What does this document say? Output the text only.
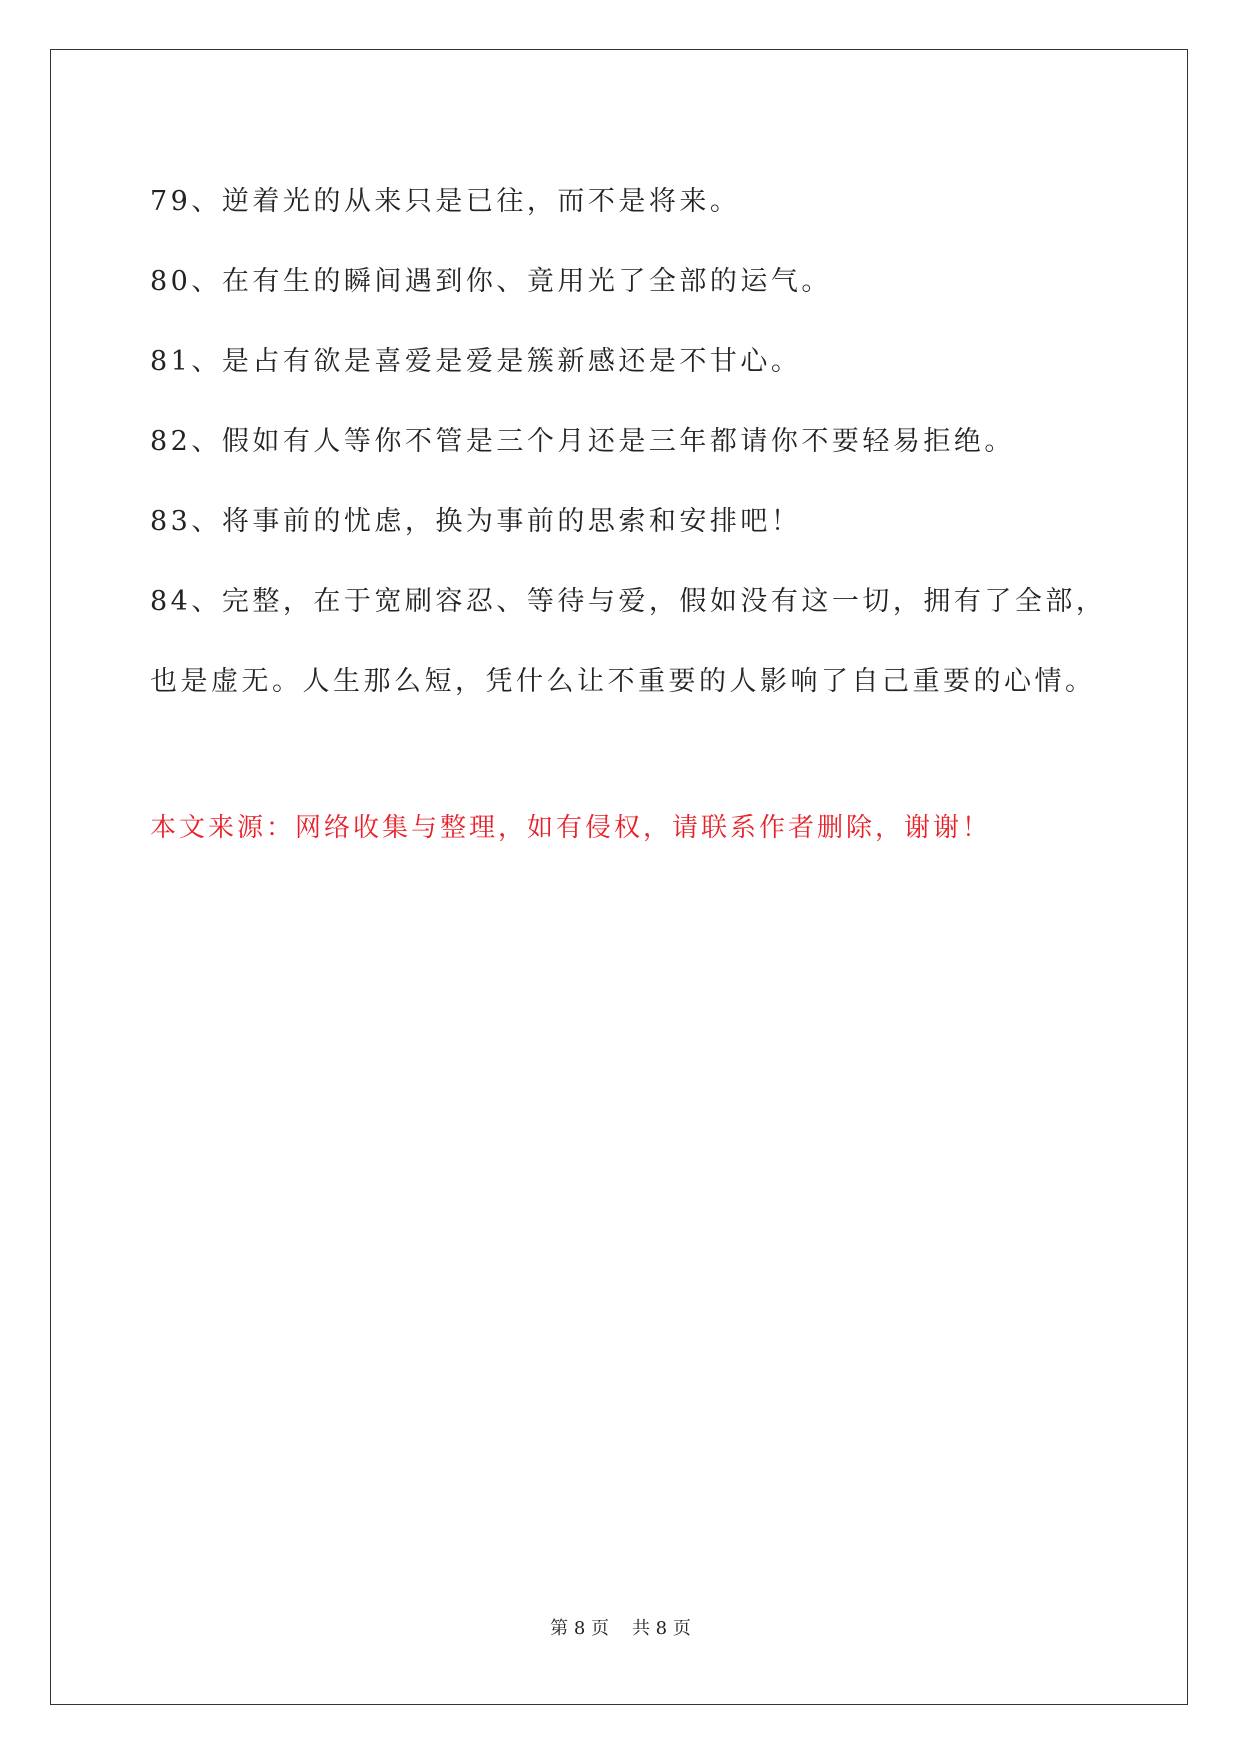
79、逆着光的从来只是已往，而不是将来。

80、在有生的瞬间遇到你、竟用光了全部的运气。

81、是占有欲是喜爱是爱是簇新感还是不甘心。

82、假如有人等你不管是三个月还是三年都请你不要轻易拒绝。

83、将事前的忧虑，换为事前的思索和安排吧！

84、完整，在于宽刷容忍、等待与爱，假如没有这一切，拥有了全部，

也是虚无。人生那么短，凭什么让不重要的人影响了自己重要的心情。

本文来源：网络收集与整理，如有侵权，请联系作者删除，谢谢！
第 8 页    共 8 页
